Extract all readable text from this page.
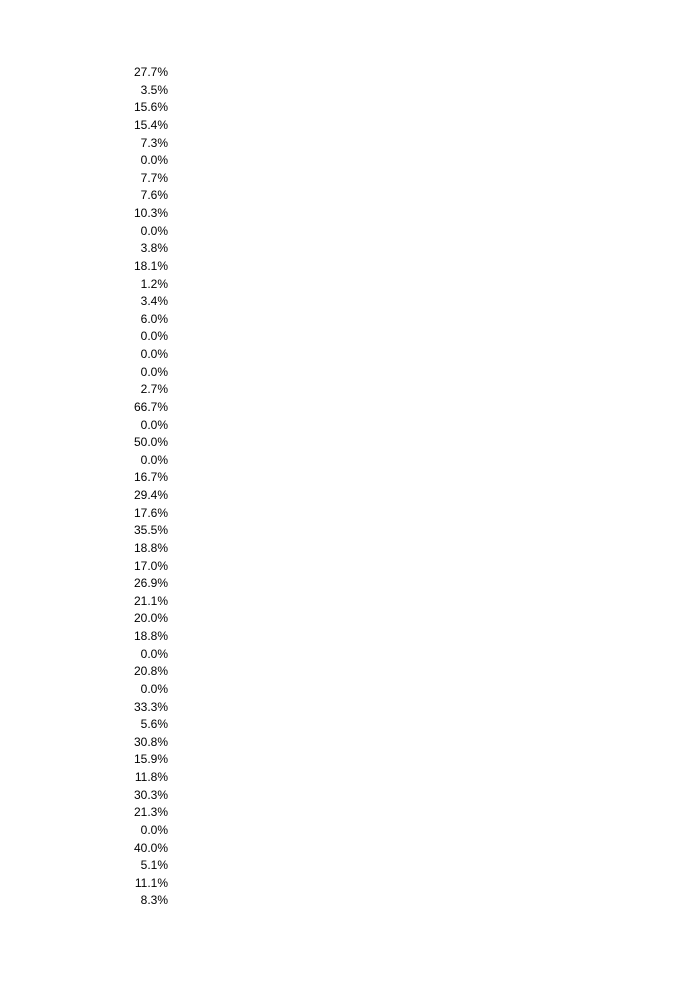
27.7%
3.5%
15.6%
15.4%
7.3%
0.0%
7.7%
7.6%
10.3%
0.0%
3.8%
18.1%
1.2%
3.4%
6.0%
0.0%
0.0%
0.0%
2.7%
66.7%
0.0%
50.0%
0.0%
16.7%
29.4%
17.6%
35.5%
18.8%
17.0%
26.9%
21.1%
20.0%
18.8%
0.0%
20.8%
0.0%
33.3%
5.6%
30.8%
15.9%
11.8%
30.3%
21.3%
0.0%
40.0%
5.1%
11.1%
8.3%
